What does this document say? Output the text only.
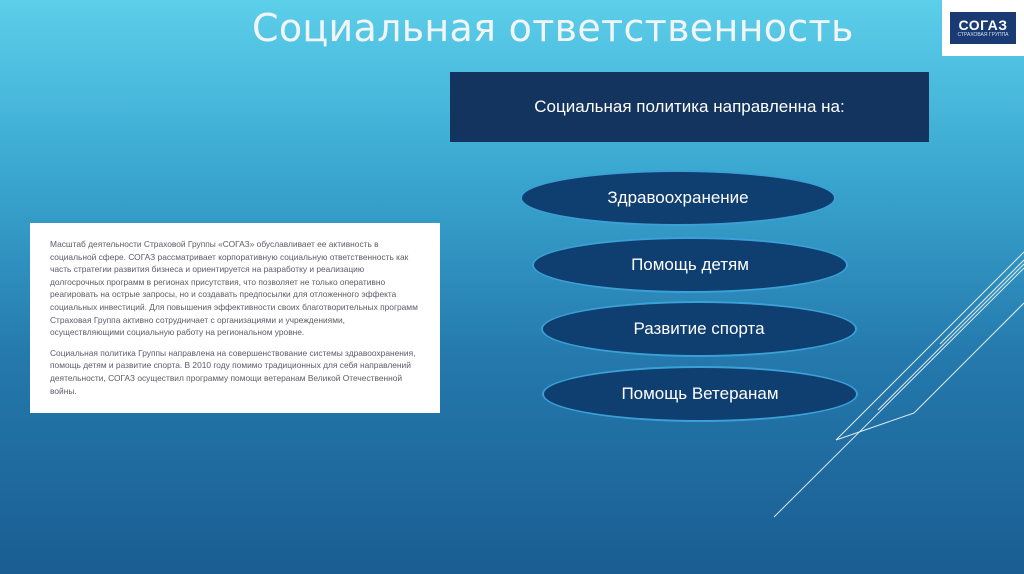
Социальная ответственность	СОГАЗ
СТРАХОВАЯ ГРУППА
Социальная политика направленна на:
Здравоохранение
Помощь детям
Развитие спорта
Помощь Ветеранам

Масштаб деятельности Страховой Группы «СОГАЗ» обуславливает ее активность в социальной сфере. СОГАЗ рассматривает корпоративную социальную ответственность как часть стратегии развития бизнеса и ориентируется на разработку и реализацию долгосрочных программ в регионах присутствия, что позволяет не только оперативно реагировать на острые запросы, но и создавать предпосылки для отложенного эффекта социальных инвестиций. Для повышения эффективности своих благотворительных программ Страховая Группа активно сотрудничает с организациями и учреждениями, осуществляющими социальную работу на региональном уровне.

Социальная политика Группы направлена на совершенствование системы здравоохранения, помощь детям и развитие спорта. В 2010 году помимо традиционных для себя направлений деятельности, СОГАЗ осуществил программу помощи ветеранам Великой Отечественной войны.
